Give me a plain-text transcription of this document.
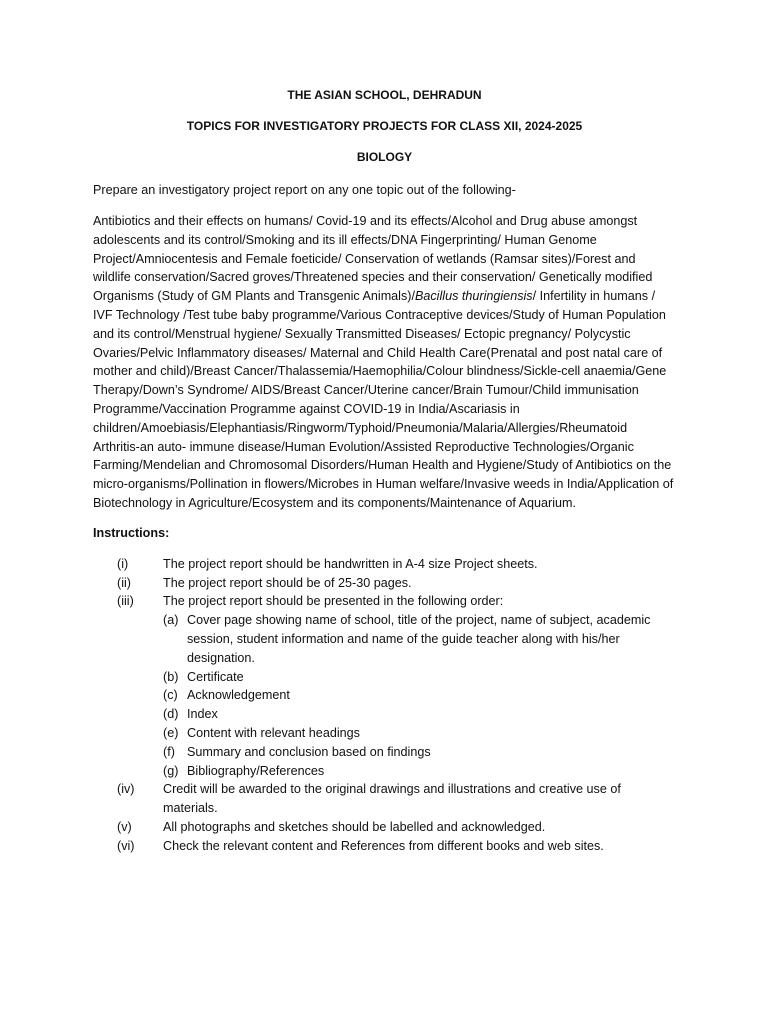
THE ASIAN SCHOOL, DEHRADUN

TOPICS FOR INVESTIGATORY PROJECTS FOR CLASS XII, 2024-2025

BIOLOGY

Prepare an investigatory project report on any one topic out of the following-

Antibiotics and their effects on humans/ Covid-19 and its effects/Alcohol and Drug abuse amongst adolescents and its control/Smoking and its ill effects/DNA Fingerprinting/ Human Genome Project/Amniocentesis and Female foeticide/ Conservation of wetlands (Ramsar sites)/Forest and wildlife conservation/Sacred groves/Threatened species and their conservation/ Genetically modified Organisms (Study of GM Plants and Transgenic Animals)/Bacillus thuringiensis/ Infertility in humans / IVF Technology /Test tube baby programme/Various Contraceptive devices/Study of Human Population and its control/Menstrual hygiene/ Sexually Transmitted Diseases/ Ectopic pregnancy/ Polycystic Ovaries/Pelvic Inflammatory diseases/ Maternal and Child Health Care(Prenatal and post natal care of mother and child)/Breast Cancer/Thalassemia/Haemophilia/Colour blindness/Sickle-cell anaemia/Gene Therapy/Down’s Syndrome/ AIDS/Breast Cancer/Uterine cancer/Brain Tumour/Child immunisation Programme/Vaccination Programme against COVID-19 in India/Ascariasis in children/Amoebiasis/Elephantiasis/Ringworm/Typhoid/Pneumonia/Malaria/Allergies/Rheumatoid Arthritis-an auto- immune disease/Human Evolution/Assisted Reproductive Technologies/Organic Farming/Mendelian and Chromosomal Disorders/Human Health and Hygiene/Study of Antibiotics on the micro-organisms/Pollination in flowers/Microbes in Human welfare/Invasive weeds in India/Application of Biotechnology in Agriculture/Ecosystem and its components/Maintenance of Aquarium.

Instructions:

(i)	The project report should be handwritten in A-4 size Project sheets.
(ii)	The project report should be of 25-30 pages.
(iii)	The project report should be presented in the following order:
(a) Cover page showing name of school, title of the project, name of subject, academic session, student information and name of the guide teacher along with his/her designation.
(b) Certificate
(c) Acknowledgement
(d) Index
(e) Content with relevant headings
(f) Summary and conclusion based on findings
(g) Bibliography/References
(iv)	Credit will be awarded to the original drawings and illustrations and creative use of materials.
(v)	All photographs and sketches should be labelled and acknowledged.
(vi)	Check the relevant content and References from different books and web sites.
